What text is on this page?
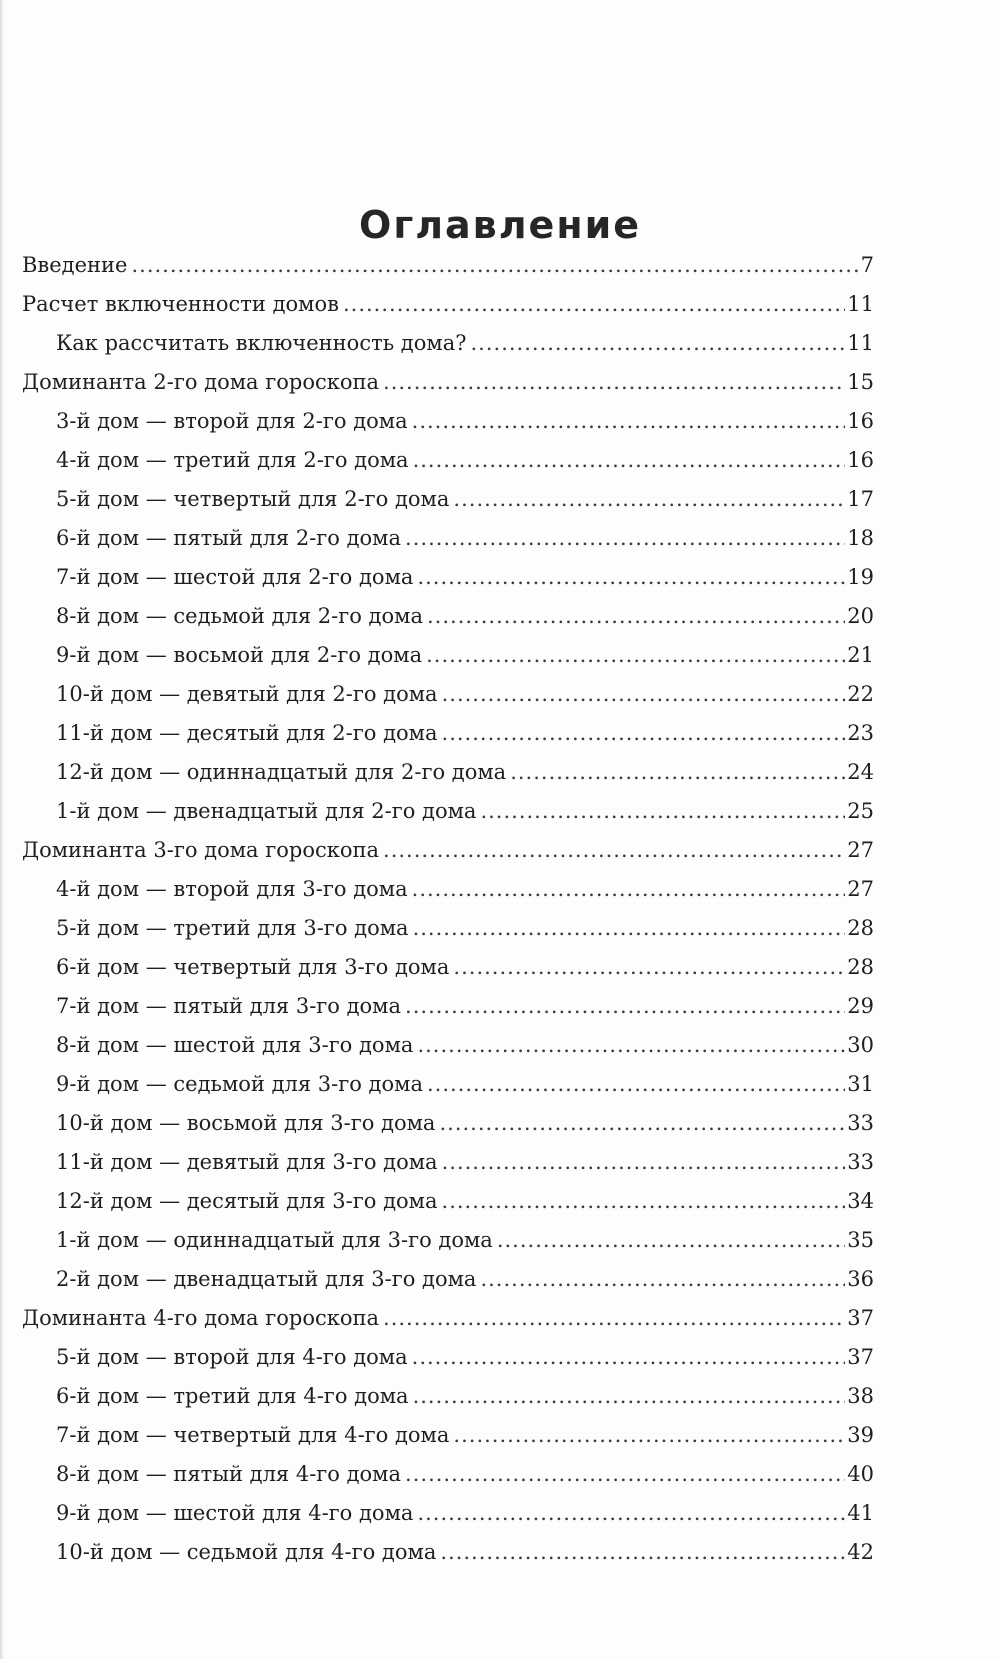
Оглавление
Введение .....	7
Расчет включенности домов .....	11
Как рассчитать включенность дома? .....	11
Доминанта 2-го дома гороскопа .....	15
3-й дом — второй для 2-го дома .....	16
4-й дом — третий для 2-го дома .....	16
5-й дом — четвертый для 2-го дома .....	17
6-й дом — пятый для 2-го дома .....	18
7-й дом — шестой для 2-го дома .....	19
8-й дом — седьмой для 2-го дома .....	20
9-й дом — восьмой для 2-го дома .....	21
10-й дом — девятый для 2-го дома .....	22
11-й дом — десятый для 2-го дома .....	23
12-й дом — одиннадцатый для 2-го дома .....	24
1-й дом — двенадцатый для 2-го дома .....	25
Доминанта 3-го дома гороскопа .....	27
4-й дом — второй для 3-го дома .....	27
5-й дом — третий для 3-го дома .....	28
6-й дом — четвертый для 3-го дома .....	28
7-й дом — пятый для 3-го дома .....	29
8-й дом — шестой для 3-го дома .....	30
9-й дом — седьмой для 3-го дома .....	31
10-й дом — восьмой для 3-го дома .....	33
11-й дом — девятый для 3-го дома .....	33
12-й дом — десятый для 3-го дома .....	34
1-й дом — одиннадцатый для 3-го дома .....	35
2-й дом — двенадцатый для 3-го дома .....	36
Доминанта 4-го дома гороскопа .....	37
5-й дом — второй для 4-го дома .....	37
6-й дом — третий для 4-го дома .....	38
7-й дом — четвертый для 4-го дома .....	39
8-й дом — пятый для 4-го дома .....	40
9-й дом — шестой для 4-го дома .....	41
10-й дом — седьмой для 4-го дома .....	42
